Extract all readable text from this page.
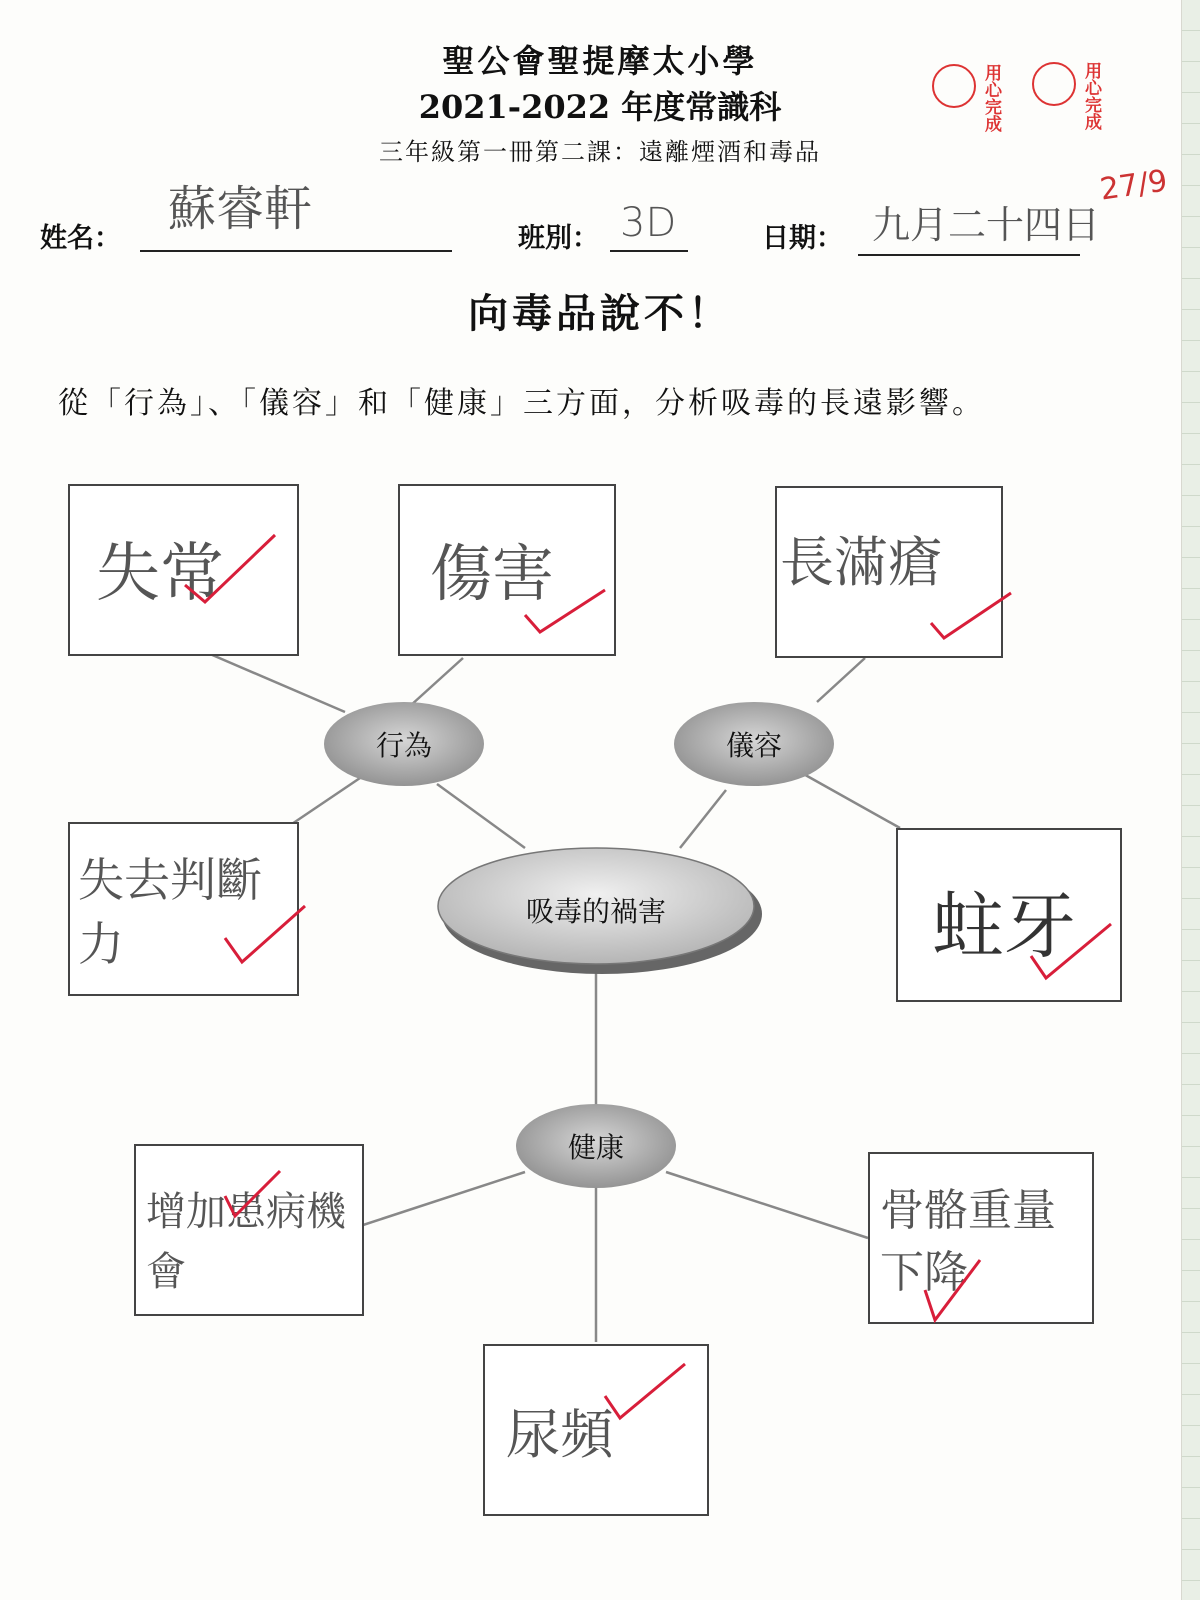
聖公會聖提摩太小學
2021-2022 年度常識科
三年級第一冊第二課：遠離煙酒和毒品
用心完成	用心完成
27/9
姓名：
蘇睿軒
班別： 3D	日期： 九月二十四日
向毒品說不！
從「行為」、「儀容」和「健康」三方面，分析吸毒的長遠影響。
行為	儀容
健康
吸毒的禍害
失常
失去判斷力
長滿瘡
蛀牙
增加患病機會
骨骼重量下降
尿頻
傷害
